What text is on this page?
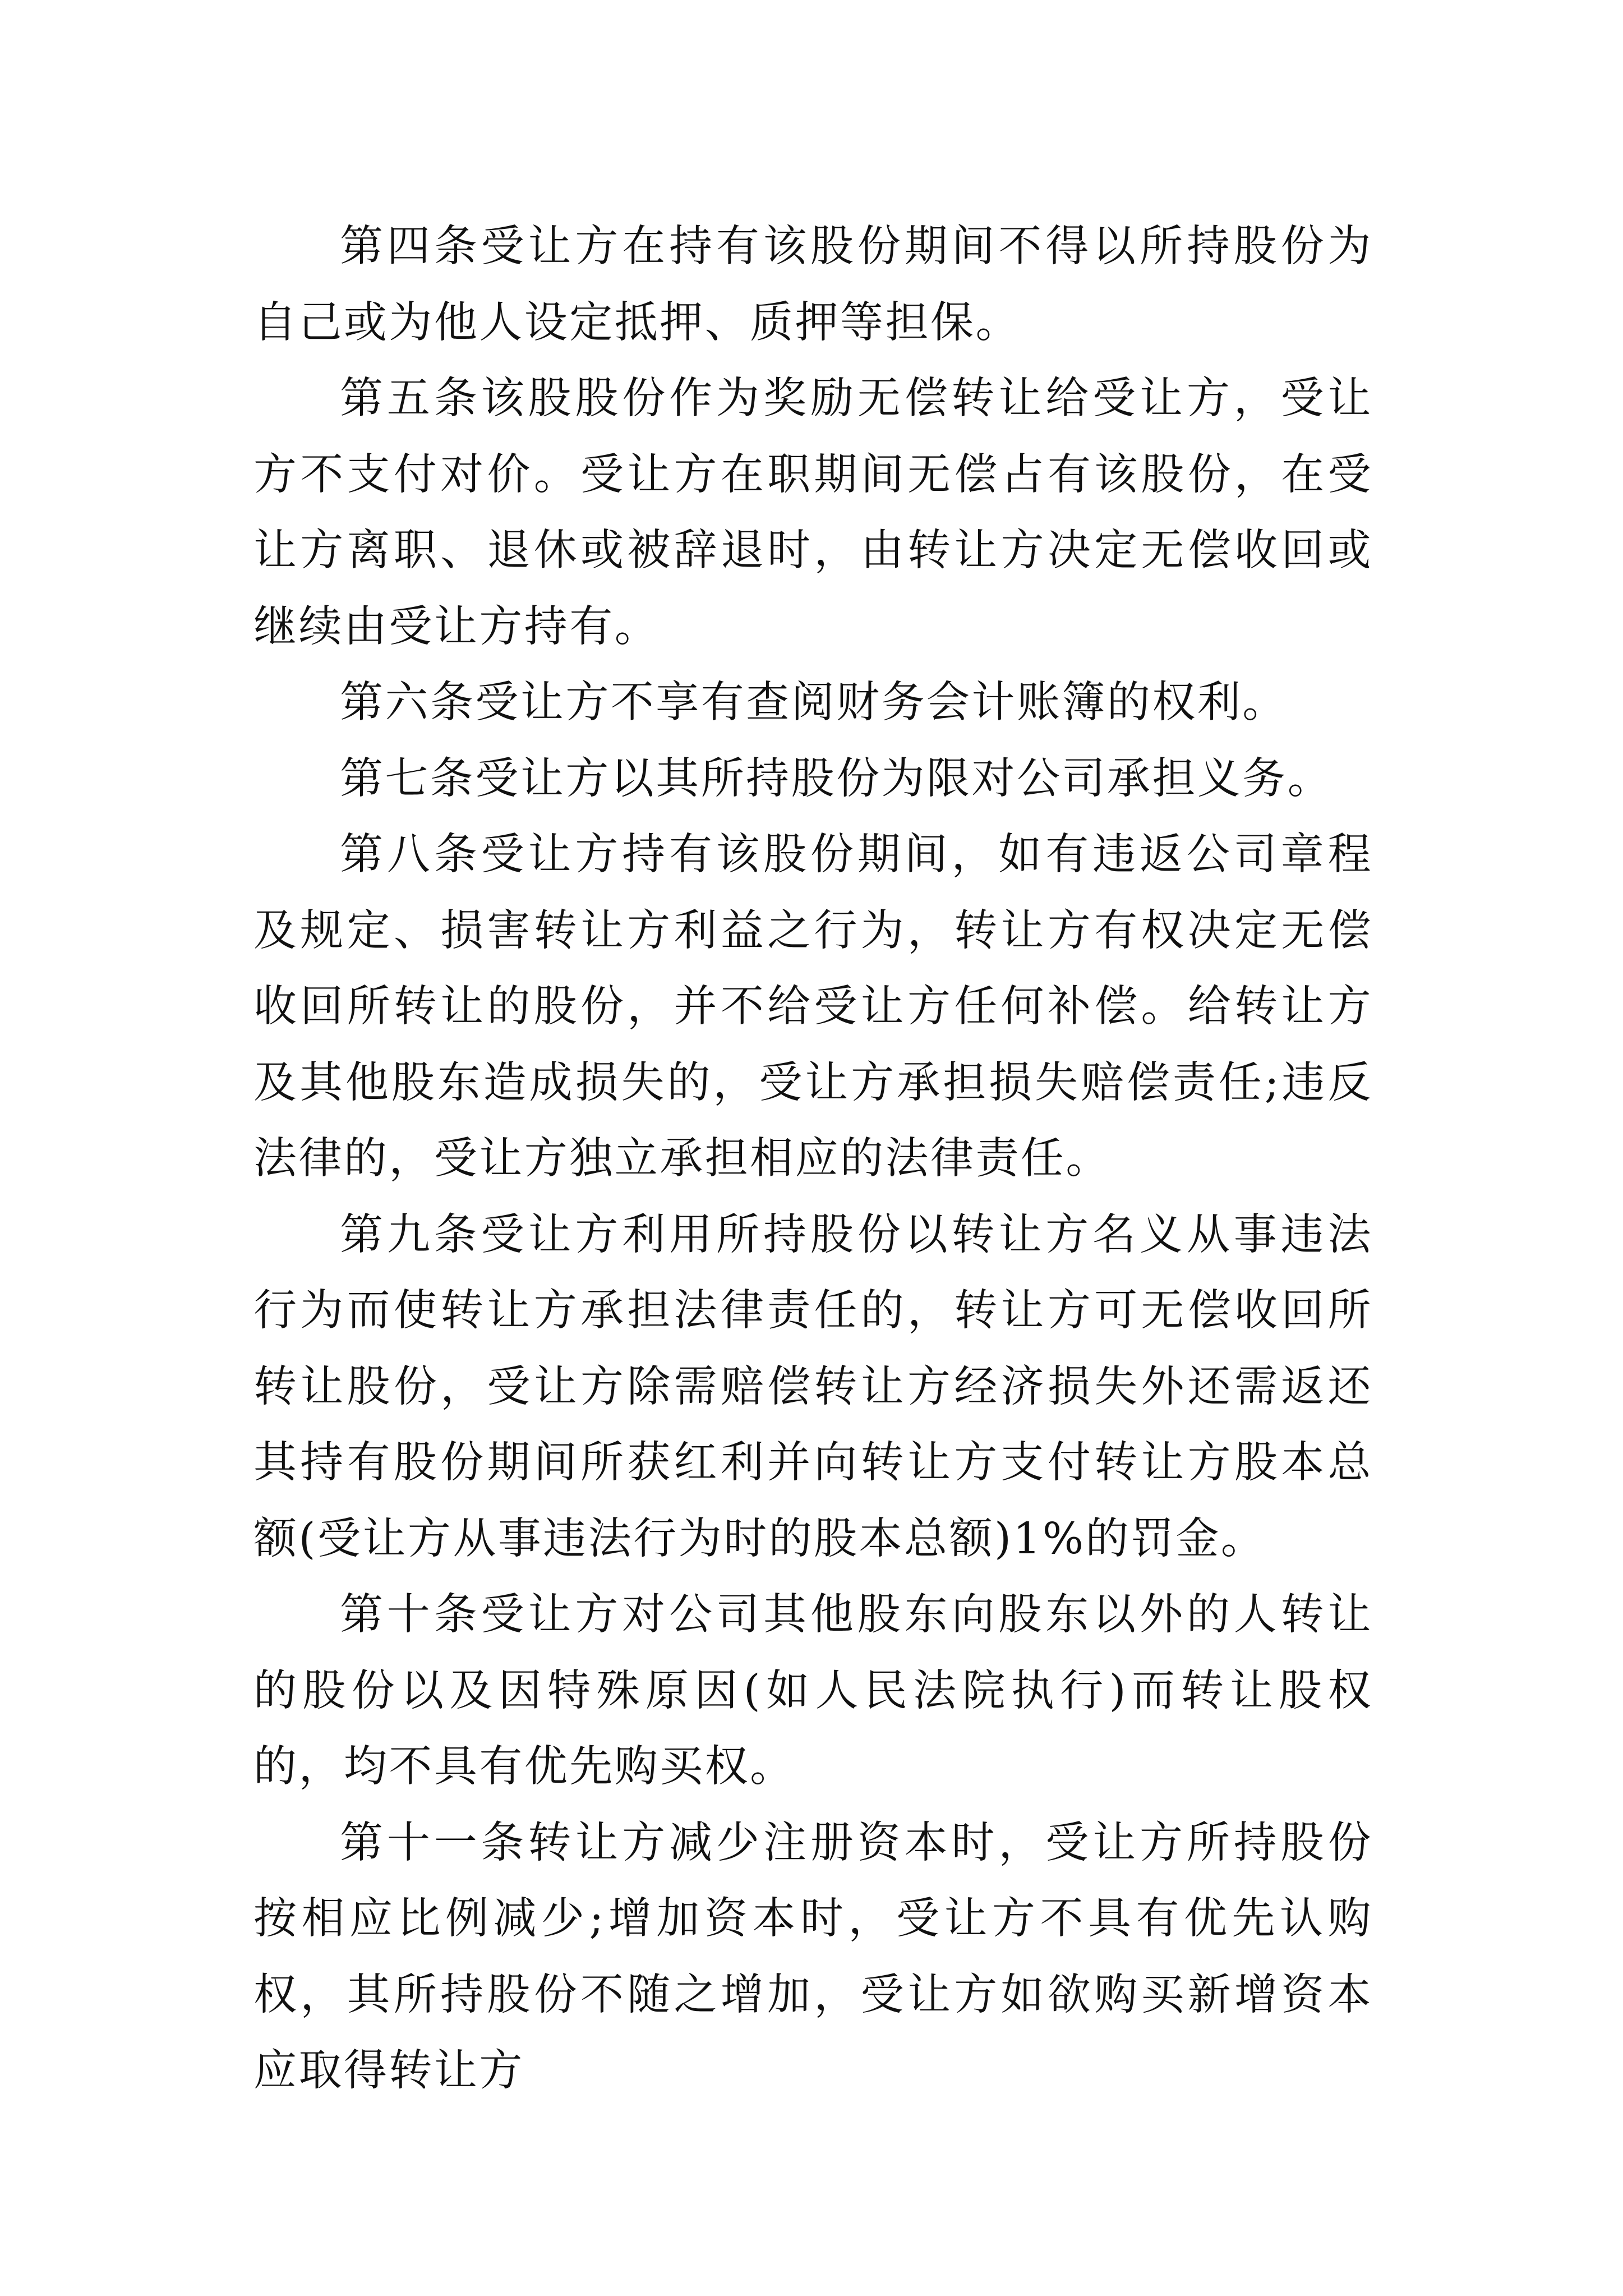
第四条受让方在持有该股份期间不得以所持股份为自己或为他人设定抵押、质押等担保。

第五条该股股份作为奖励无偿转让给受让方，受让方不支付对价。受让方在职期间无偿占有该股份，在受让方离职、退休或被辞退时，由转让方决定无偿收回或继续由受让方持有。

第六条受让方不享有查阅财务会计账簿的权利。

第七条受让方以其所持股份为限对公司承担义务。

第八条受让方持有该股份期间，如有违返公司章程及规定、损害转让方利益之行为，转让方有权决定无偿收回所转让的股份，并不给受让方任何补偿。给转让方及其他股东造成损失的，受让方承担损失赔偿责任;违反法律的，受让方独立承担相应的法律责任。

第九条受让方利用所持股份以转让方名义从事违法行为而使转让方承担法律责任的，转让方可无偿收回所转让股份，受让方除需赔偿转让方经济损失外还需返还其持有股份期间所获红利并向转让方支付转让方股本总额(受让方从事违法行为时的股本总额)1%的罚金。

第十条受让方对公司其他股东向股东以外的人转让的股份以及因特殊原因(如人民法院执行)而转让股权的，均不具有优先购买权。

第十一条转让方减少注册资本时，受让方所持股份按相应比例减少;增加资本时，受让方不具有优先认购权，其所持股份不随之增加，受让方如欲购买新增资本应取得转让方
